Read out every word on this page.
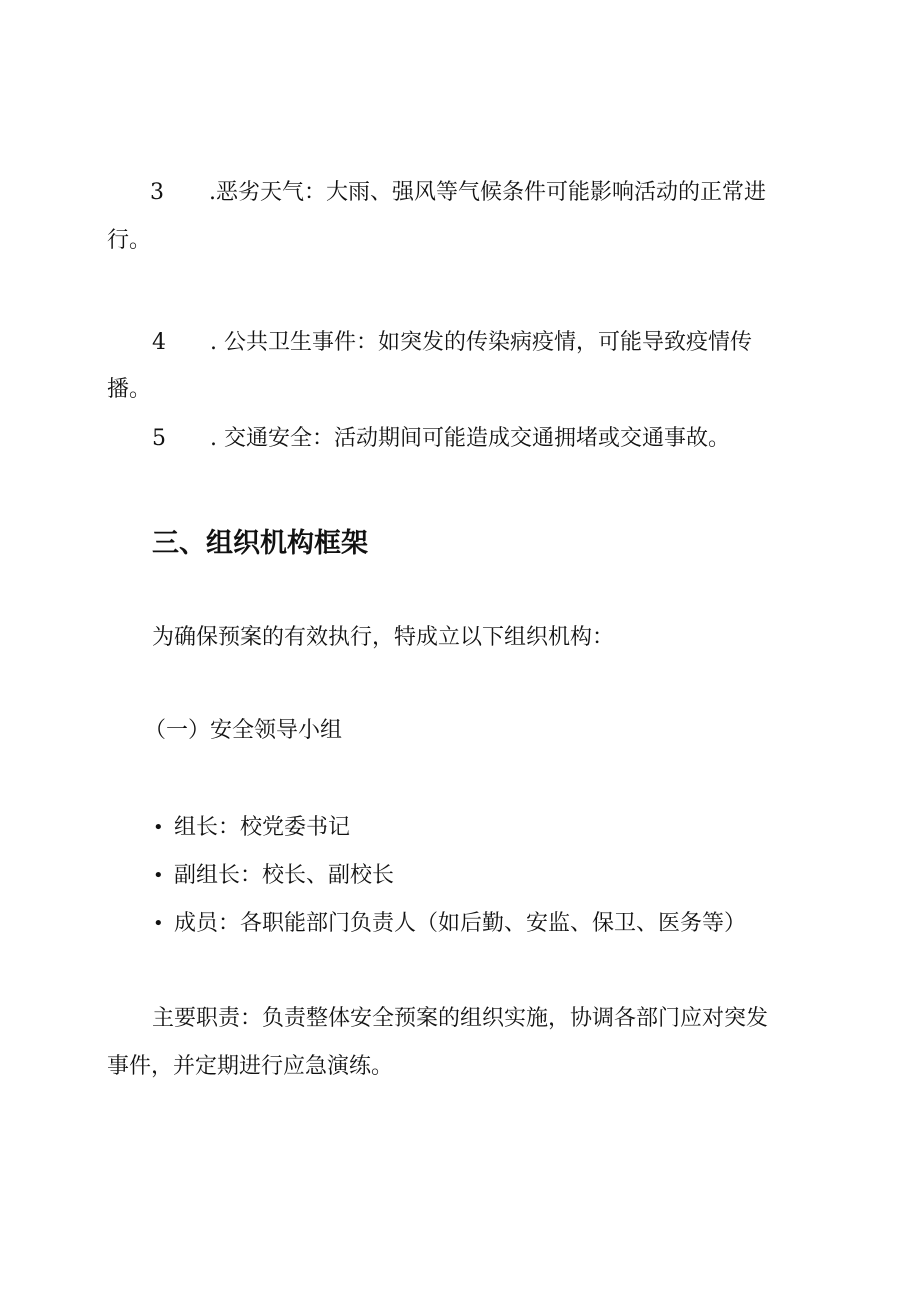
3 .恶劣天气：大雨、强风等气候条件可能影响活动的正常进
行。
4 . 公共卫生事件：如突发的传染病疫情，可能导致疫情传
播。
5 . 交通安全：活动期间可能造成交通拥堵或交通事故。
三、组织机构框架
为确保预案的有效执行，特成立以下组织机构：
（一）安全领导小组
• 组长：校党委书记
• 副组长：校长、副校长
• 成员：各职能部门负责人（如后勤、安监、保卫、医务等）
主要职责：负责整体安全预案的组织实施，协调各部门应对突发
事件，并定期进行应急演练。
